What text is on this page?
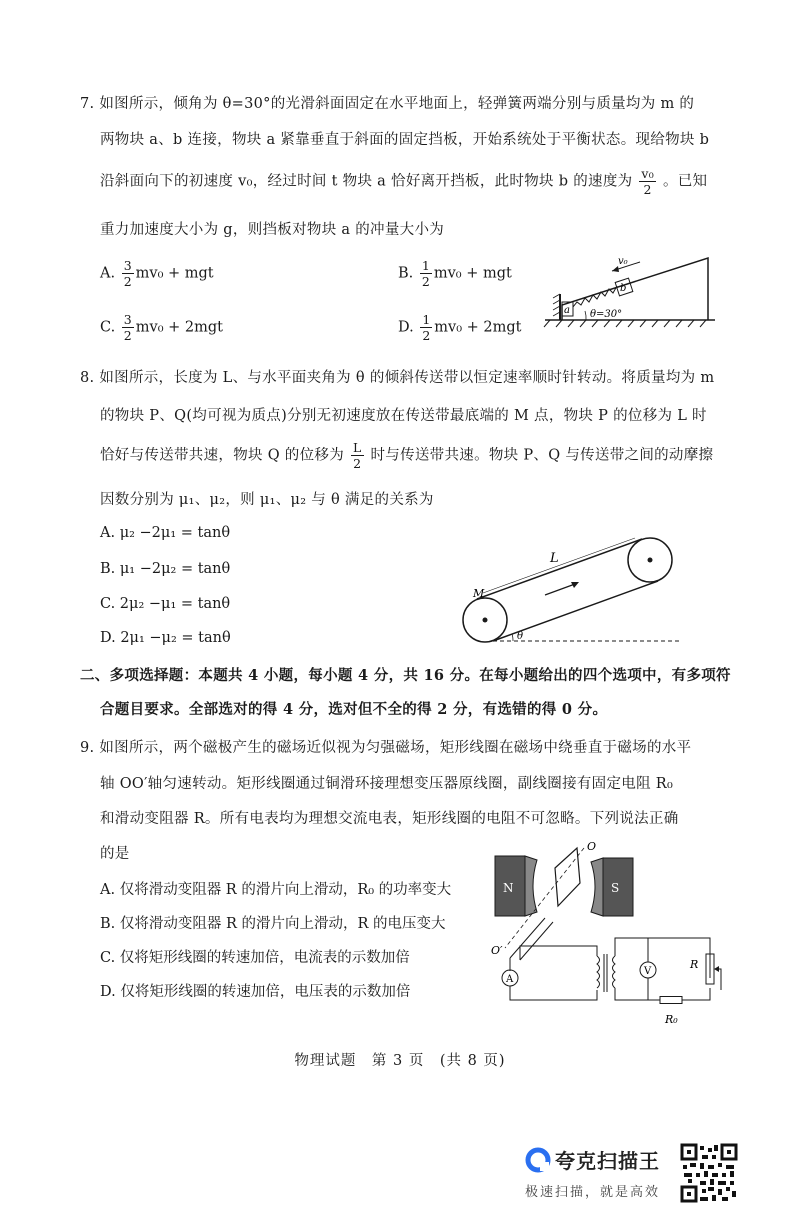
7. 如图所示，倾角为 θ=30°的光滑斜面固定在水平地面上，轻弹簧两端分别与质量均为 m 的
两物块 a、b 连接，物块 a 紧靠垂直于斜面的固定挡板，开始系统处于平衡状态。现给物块 b
沿斜面向下的初速度 v₀，经过时间 t 物块 a 恰好离开挡板，此时物块 b 的速度为 $\frac{\text{v₀}}{2}$ 。已知
重力加速度大小为 g，则挡板对物块 a 的冲量大小为
A. $\frac{3}{2} mv_0$ + mgt	B. $\frac{1}{2} mv_0$ + mgt
C. $\frac{3}{2} mv_0 + 2mgt$	D. $\frac{1}{2} mv_0 + 2mgt$
a
b
v₀
θ=30°
8. 如图所示，长度为 L、与水平面夹角为 θ 的倾斜传送带以恒定速率顺时针转动。将质量均为 m
的物块 P、Q(均可视为质点)分别无初速度放在传送带最底端的 M 点，物块 P 的位移为 L 时
恰好与传送带共速，物块 Q 的位移为 $\frac{L}{2}$ 时与传送带共速。物块 P、Q 与传送带之间的动摩擦
因数分别为 μ₁、μ₂，则 μ₁、μ₂ 与 θ 满足的关系为
A. μ₂ −2μ₁ = tanθ
B. μ₁ −2μ₂ = tanθ
C. 2μ₂ −μ₁ = tanθ
D. 2μ₁ −μ₂ = tanθ
L
M
θ
二、多项选择题：本题共 4 小题，每小题 4 分，共 16 分。在每小题给出的四个选项中，有多项符
合题目要求。全部选对的得 4 分，选对但不全的得 2 分，有选错的得 0 分。
9. 如图所示，两个磁极产生的磁场近似视为匀强磁场，矩形线圈在磁场中绕垂直于磁场的水平
轴 OO′轴匀速转动。矩形线圈通过铜滑环接理想变压器原线圈，副线圈接有固定电阻 R₀
和滑动变阻器 R。所有电表均为理想交流电表，矩形线圈的电阻不可忽略。下列说法正确
的是
A. 仅将滑动变阻器 R 的滑片向上滑动，R₀ 的功率变大
B. 仅将滑动变阻器 R 的滑片向上滑动，R 的电压变大
C. 仅将矩形线圈的转速加倍，电流表的示数加倍
D. 仅将矩形线圈的转速加倍，电压表的示数加倍
N	S
O
O′
A
V
R₀
R
物理试题　第 3 页　(共 8 页)
夸克扫描王
极速扫描，就是高效
